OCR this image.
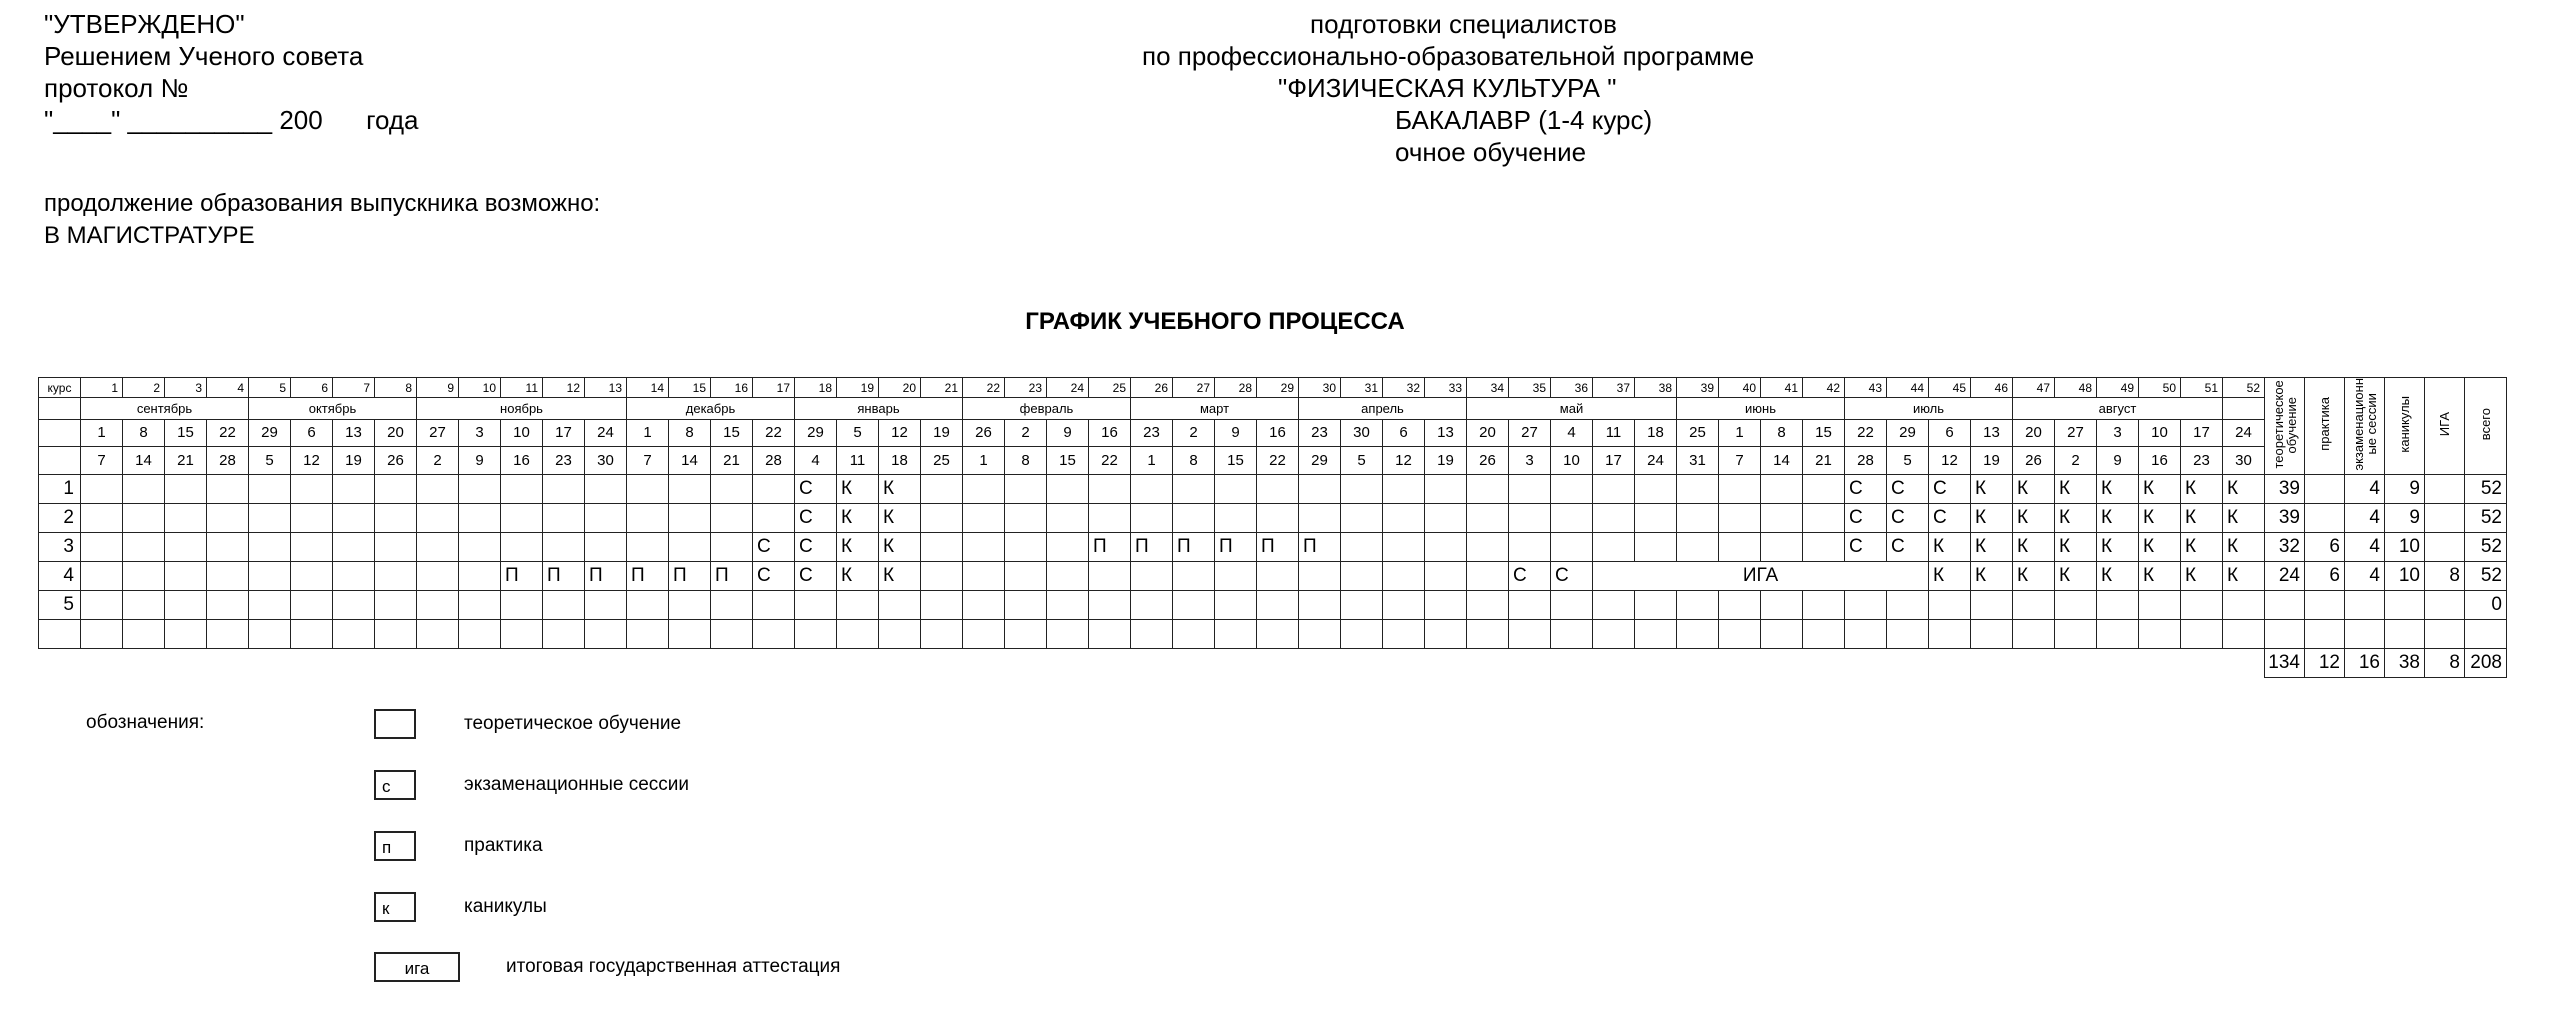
"УТВЕРЖДЕНО"
Решением Ученого совета
протокол №
"____" __________ 200      года
подготовки специалистов
по профессионально-образовательной программе
"ФИЗИЧЕСКАЯ КУЛЬТУРА "
БАКАЛАВР (1-4 курс)
очное обучение
продолжение образования выпускника возможно:
В МАГИСТРАТУРЕ
ГРАФИК УЧЕБНОГО ПРОЦЕССА
курс	1	2	3	4	5	6	7	8	9	10	11	12	13	14	15	16	17	18	19	20	21	22	23	24	25	26	27	28	29	30	31	32	33	34	35	36	37	38	39	40	41	42	43	44	45	46	47	48	49	50	51	52	теоретическое обучение	практика	экзаменационн ые сессии	каникулы	ИГА	всего
	сентябрь				октябрь				ноябрь					декабрь				январь				февраль				март				апрель				май					июнь				июль				август											
	1	8	15	22	29	6	13	20	27	3	10	17	24	1	8	15	22	29	5	12	19	26	2	9	16	23	2	9	16	23	30	6	13	20	27	4	11	18	25	1	8	15	22	29	6	13	20	27	3	10	17	24						
	7	14	21	28	5	12	19	26	2	9	16	23	30	7	14	21	28	4	11	18	25	1	8	15	22	1	8	15	22	29	5	12	19	26	3	10	17	24	31	7	14	21	28	5	12	19	26	2	9	16	23	30						
1																		С	К	К																							С	С	С	К	К	К	К	К	К	К	39		4	9		52
2																		С	К	К																							С	С	С	К	К	К	К	К	К	К	39		4	9		52
3																	С	С	К	К					П	П	П	П	П	П													С	С	К	К	К	К	К	К	К	К	32	6	4	10		52
4											П	П	П	П	П	П	С	С	К	К															С	С	ИГА								К	К	К	К	К	К	К	К	24	6	4	10	8	52
5																																																										0

																																																					134	12	16	38	8	208
обозначения:	теоретическое обучение
с	экзаменационные сессии
п	практика
к	каникулы
ига	итоговая государственная аттестация
